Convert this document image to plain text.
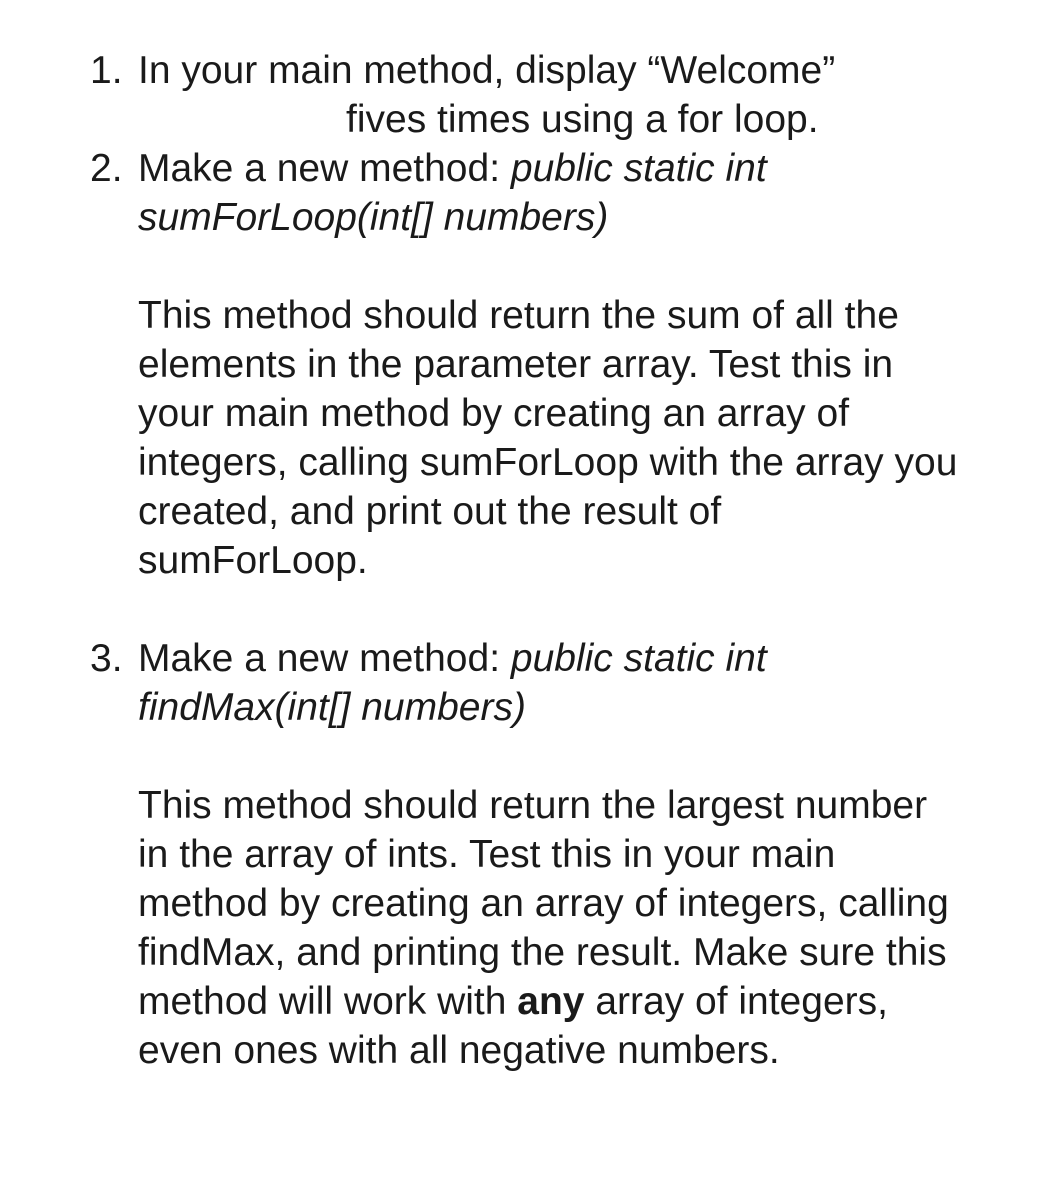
1. In your main method, display “Welcome”
fives times using a for loop.
2. Make a new method: public static int
sumForLoop(int[] numbers)
This method should return the sum of all the
elements in the parameter array. Test this in
your main method by creating an array of
integers, calling sumForLoop with the array you
created, and print out the result of
sumForLoop.
3. Make a new method: public static int
findMax(int[] numbers)
This method should return the largest number
in the array of ints. Test this in your main
method by creating an array of integers, calling
findMax, and printing the result. Make sure this
method will work with any array of integers,
even ones with all negative numbers.
